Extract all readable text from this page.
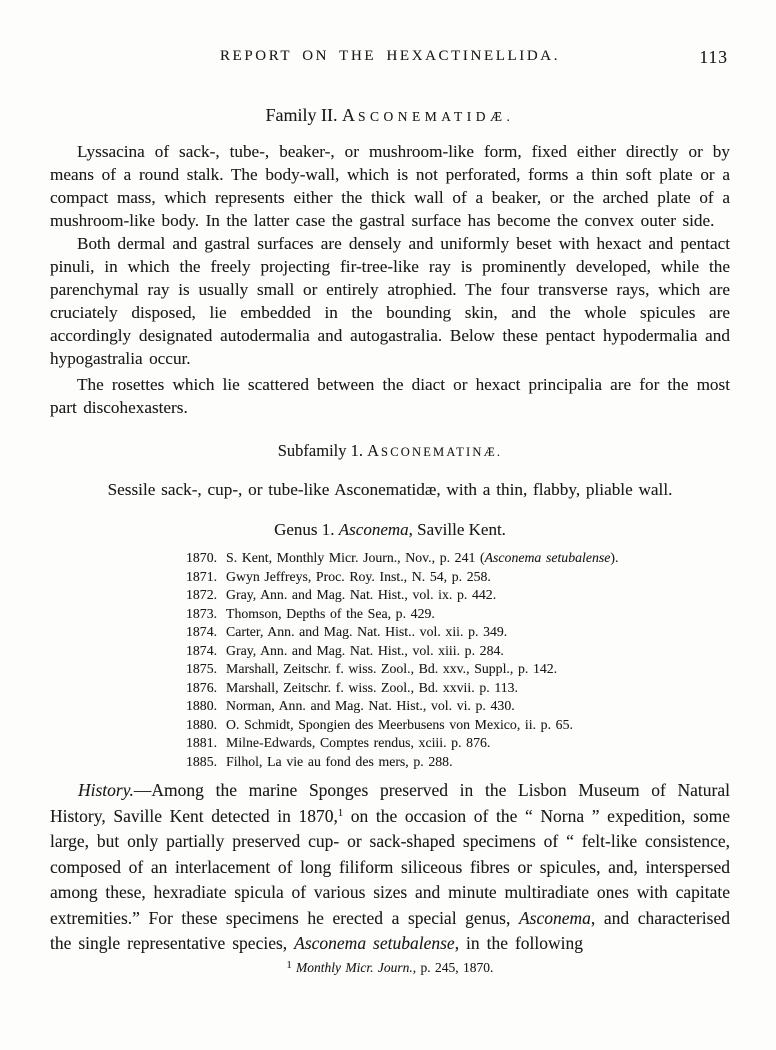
REPORT ON THE HEXACTINELLIDA.	113
Family II. ASCONEMATIDÆ.

Lyssacina of sack-, tube-, beaker-, or mushroom-like form, fixed either directly or by means of a round stalk. The body-wall, which is not perforated, forms a thin soft plate or a compact mass, which represents either the thick wall of a beaker, or the arched plate of a mushroom-like body. In the latter case the gastral surface has become the convex outer side.

Both dermal and gastral surfaces are densely and uniformly beset with hexact and pentact pinuli, in which the freely projecting fir-tree-like ray is prominently developed, while the parenchymal ray is usually small or entirely atrophied. The four transverse rays, which are cruciately disposed, lie embedded in the bounding skin, and the whole spicules are accordingly designated autodermalia and autogastralia. Below these pentact hypodermalia and hypogastralia occur.

The rosettes which lie scattered between the diact or hexact principalia are for the most part discohexasters.

Subfamily 1. ASCONEMATINÆ.
Sessile sack-, cup-, or tube-like Asconematidæ, with a thin, flabby, pliable wall.
Genus 1. Asconema, Saville Kent.
1870. S. Kent, Monthly Micr. Journ., Nov., p. 241 (Asconema setubalense).
1871. Gwyn Jeffreys, Proc. Roy. Inst., N. 54, p. 258.
1872. Gray, Ann. and Mag. Nat. Hist., vol. ix. p. 442.
1873. Thomson, Depths of the Sea, p. 429.
1874. Carter, Ann. and Mag. Nat. Hist.. vol. xii. p. 349.
1874. Gray, Ann. and Mag. Nat. Hist., vol. xiii. p. 284.
1875. Marshall, Zeitschr. f. wiss. Zool., Bd. xxv., Suppl., p. 142.
1876. Marshall, Zeitschr. f. wiss. Zool., Bd. xxvii. p. 113.
1880. Norman, Ann. and Mag. Nat. Hist., vol. vi. p. 430.
1880. O. Schmidt, Spongien des Meerbusens von Mexico, ii. p. 65.
1881. Milne-Edwards, Comptes rendus, xciii. p. 876.
1885. Filhol, La vie au fond des mers, p. 288.

History.—Among the marine Sponges preserved in the Lisbon Museum of Natural History, Saville Kent detected in 1870,$^1$ on the occasion of the “ Norna ” expedition, some large, but only partially preserved cup- or sack-shaped specimens of “ felt-like consistence, composed of an interlacement of long filiform siliceous fibres or spicules, and, interspersed among these, hexradiate spicula of various sizes and minute multiradiate ones with capitate extremities.” For these specimens he erected a special genus, Asconema, and characterised the single representative species, Asconema setubalense, in the following

$^1$ Monthly Micr. Journ., p. 245, 1870.
